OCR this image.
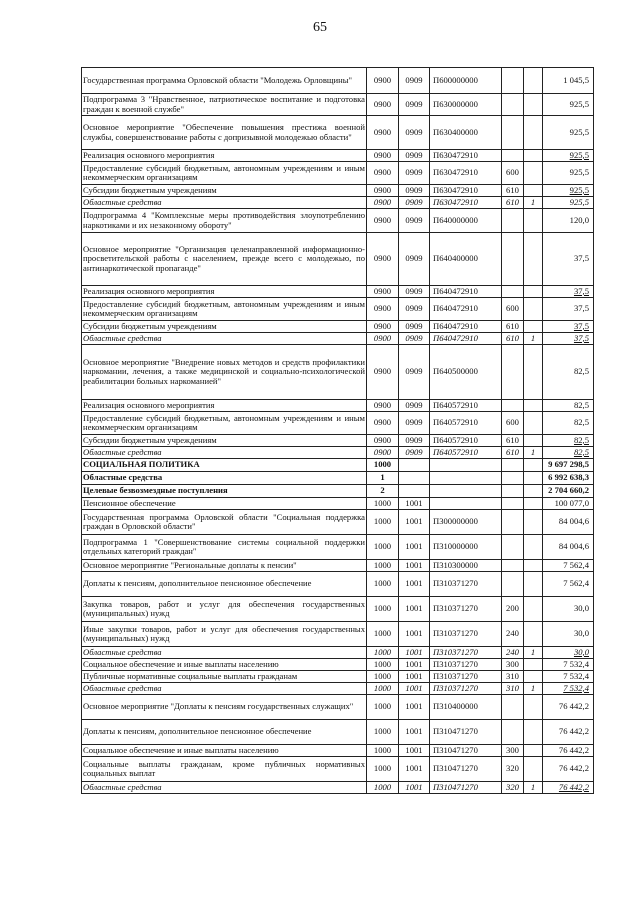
65
Государственная программа Орловской области "Молодежь Орловщины"	0900	0909	П600000000			1 045,5
Подпрограмма 3 "Нравственное, патриотическое воспитание и подготовка граждан к военной службе"	0900	0909	П630000000			925,5
Основное мероприятие "Обеспечение повышения престижа военной службы, совершенствование работы с допризывной молодежью области"	0900	0909	П630400000			925,5
Реализация основного мероприятия	0900	0909	П630472910			925,5
Предоставление субсидий бюджетным, автономным учреждениям и иным некоммерческим организациям	0900	0909	П630472910	600		925,5
Субсидии бюджетным учреждениям	0900	0909	П630472910	610		925,5
Областные средства	0900	0909	П630472910	610	1	925,5
Подпрограмма 4 "Комплексные меры противодействия злоупотреблению наркотиками и их незаконному обороту"	0900	0909	П640000000			120,0
Основное мероприятие "Организация целенаправленной информационно-просветительской работы с населением, прежде всего с молодежью, по антинаркотической пропаганде"	0900	0909	П640400000			37,5
Реализация основного мероприятия	0900	0909	П640472910			37,5
Предоставление субсидий бюджетным, автономным учреждениям и иным некоммерческим организациям	0900	0909	П640472910	600		37,5
Субсидии бюджетным учреждениям	0900	0909	П640472910	610		37,5
Областные средства	0900	0909	П640472910	610	1	37,5
Основное мероприятие "Внедрение новых методов и средств профилактики наркомании, лечения, а также медицинской и социально-психологической реабилитации больных наркоманией"	0900	0909	П640500000			82,5
Реализация основного мероприятия	0900	0909	П640572910			82,5
Предоставление субсидий бюджетным, автономным учреждениям и иным некоммерческим организациям	0900	0909	П640572910	600		82,5
Субсидии бюджетным учреждениям	0900	0909	П640572910	610		82,5
Областные средства	0900	0909	П640572910	610	1	82,5
СОЦИАЛЬНАЯ ПОЛИТИКА	1000					9 697 298,5
Областные средства	1					6 992 638,3
Целевые безвозмездные поступления	2					2 704 660,2
Пенсионное обеспечение	1000	1001				100 077,0
Государственная программа Орловской области "Социальная поддержка граждан в Орловской области"	1000	1001	П300000000			84 004,6
Подпрограмма 1 "Совершенствование системы социальной поддержки отдельных категорий граждан"	1000	1001	П310000000			84 004,6
Основное мероприятие "Региональные доплаты к пенсии"	1000	1001	П310300000			7 562,4
Доплаты к пенсиям, дополнительное пенсионное обеспечение	1000	1001	П310371270			7 562,4
Закупка товаров, работ и услуг для обеспечения государственных (муниципальных) нужд	1000	1001	П310371270	200		30,0
Иные закупки товаров, работ и услуг для обеспечения государственных (муниципальных) нужд	1000	1001	П310371270	240		30,0
Областные средства	1000	1001	П310371270	240	1	30,0
Социальное обеспечение и иные выплаты населению	1000	1001	П310371270	300		7 532,4
Публичные нормативные социальные выплаты гражданам	1000	1001	П310371270	310		7 532,4
Областные средства	1000	1001	П310371270	310	1	7 532,4
Основное мероприятие "Доплаты к пенсиям государственных служащих"	1000	1001	П310400000			76 442,2
Доплаты к пенсиям, дополнительное пенсионное обеспечение	1000	1001	П310471270			76 442,2
Социальное обеспечение и иные выплаты населению	1000	1001	П310471270	300		76 442,2
Социальные выплаты гражданам, кроме публичных нормативных социальных выплат	1000	1001	П310471270	320		76 442,2
Областные средства	1000	1001	П310471270	320	1	76 442,2
